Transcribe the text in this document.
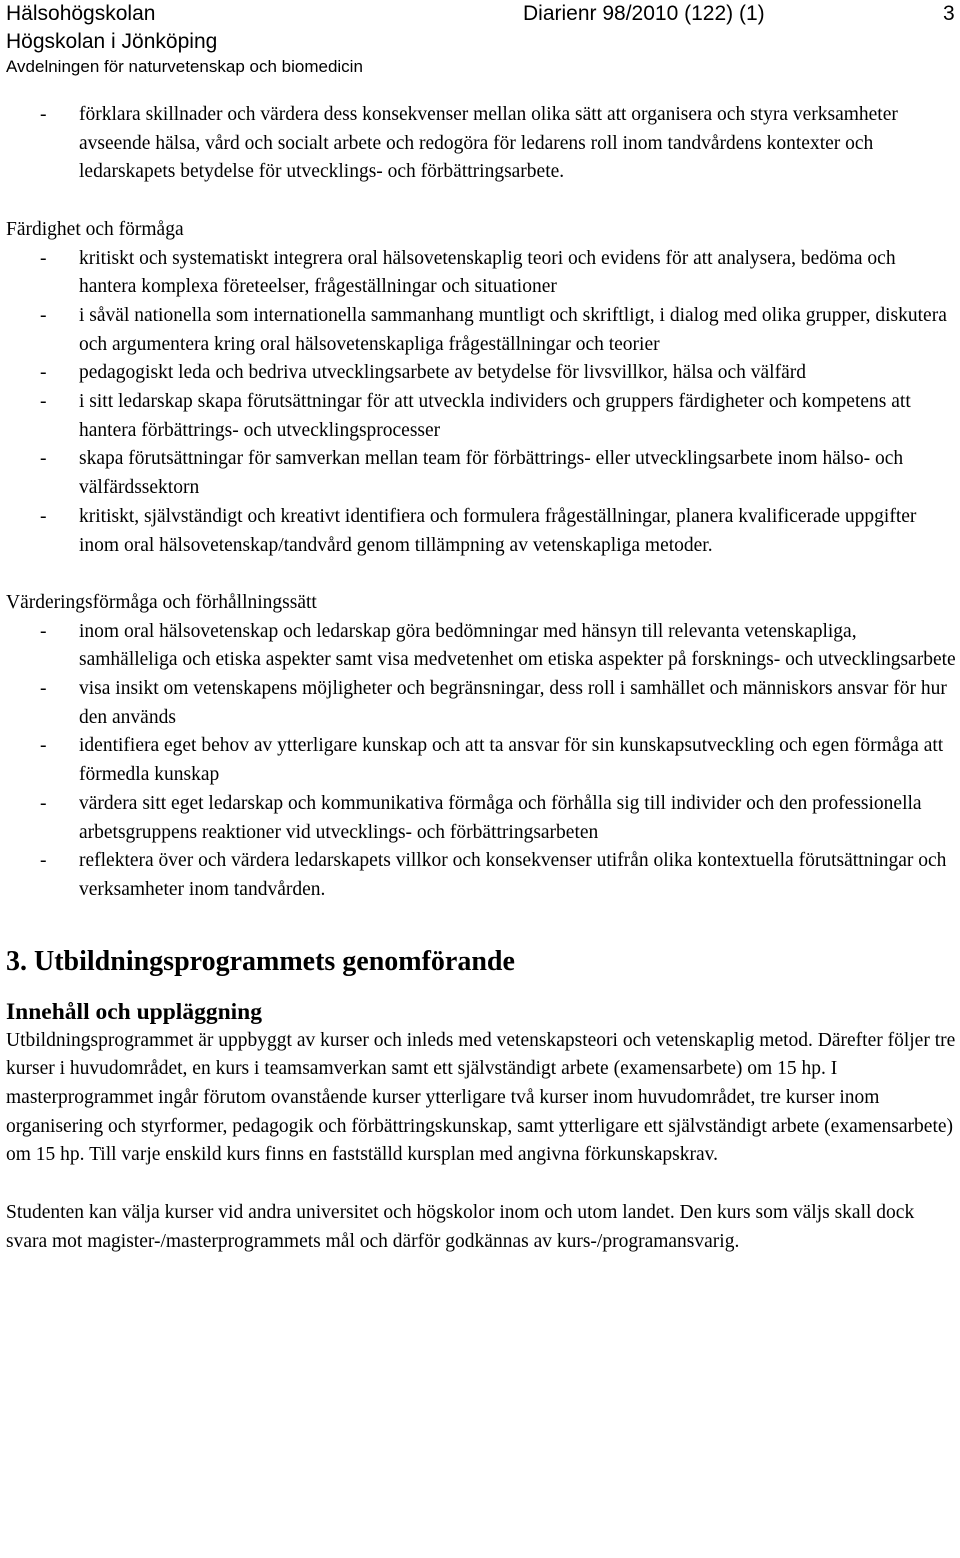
Hälsohögskolan
Högskolan i Jönköping
Avdelningen för naturvetenskap och biomedicin
Diarienr 98/2010 (122) (1)	3
- förklara skillnader och värdera dess konsekvenser mellan olika sätt att organisera och styra verksamheter avseende hälsa, vård och socialt arbete och redogöra för ledarens roll inom tandvårdens kontexter och ledarskapets betydelse för utvecklings- och förbättringsarbete.

Färdighet och förmåga

- kritiskt och systematiskt integrera oral hälsovetenskaplig teori och evidens för att analysera, bedöma och hantera komplexa företeelser, frågeställningar och situationer
- i såväl nationella som internationella sammanhang muntligt och skriftligt, i dialog med olika grupper, diskutera och argumentera kring oral hälsovetenskapliga frågeställningar och teorier
- pedagogiskt leda och bedriva utvecklingsarbete av betydelse för livsvillkor, hälsa och välfärd
- i sitt ledarskap skapa förutsättningar för att utveckla individers och gruppers färdigheter och kompetens att hantera förbättrings- och utvecklingsprocesser
- skapa förutsättningar för samverkan mellan team för förbättrings- eller utvecklingsarbete inom hälso- och välfärdssektorn
- kritiskt, självständigt och kreativt identifiera och formulera frågeställningar, planera kvalificerade uppgifter inom oral hälsovetenskap/tandvård genom tillämpning av vetenskapliga metoder.

Värderingsförmåga och förhållningssätt

- inom oral hälsovetenskap och ledarskap göra bedömningar med hänsyn till relevanta vetenskapliga, samhälleliga och etiska aspekter samt visa medvetenhet om etiska aspekter på forsknings- och utvecklingsarbete
- visa insikt om vetenskapens möjligheter och begränsningar, dess roll i samhället och människors ansvar för hur den används
- identifiera eget behov av ytterligare kunskap och att ta ansvar för sin kunskapsutveckling och egen förmåga att förmedla kunskap
- värdera sitt eget ledarskap och kommunikativa förmåga och förhålla sig till individer och den professionella arbetsgruppens reaktioner vid utvecklings- och förbättringsarbeten
- reflektera över och värdera ledarskapets villkor och konsekvenser utifrån olika kontextuella förutsättningar och verksamheter inom tandvården.
3. Utbildningsprogrammets genomförande
Innehåll och uppläggning

Utbildningsprogrammet är uppbyggt av kurser och inleds med vetenskapsteori och vetenskaplig metod. Därefter följer tre kurser i huvudområdet, en kurs i teamsamverkan samt ett självständigt arbete (examensarbete) om 15 hp. I masterprogrammet ingår förutom ovanstående kurser ytterligare två kurser inom huvudområdet, tre kurser inom organisering och styrformer, pedagogik och förbättringskunskap, samt ytterligare ett självständigt arbete (examensarbete) om 15 hp. Till varje enskild kurs finns en fastställd kursplan med angivna förkunskapskrav.

Studenten kan välja kurser vid andra universitet och högskolor inom och utom landet. Den kurs som väljs skall dock svara mot magister-/masterprogrammets mål och därför godkännas av kurs-/programansvarig.
